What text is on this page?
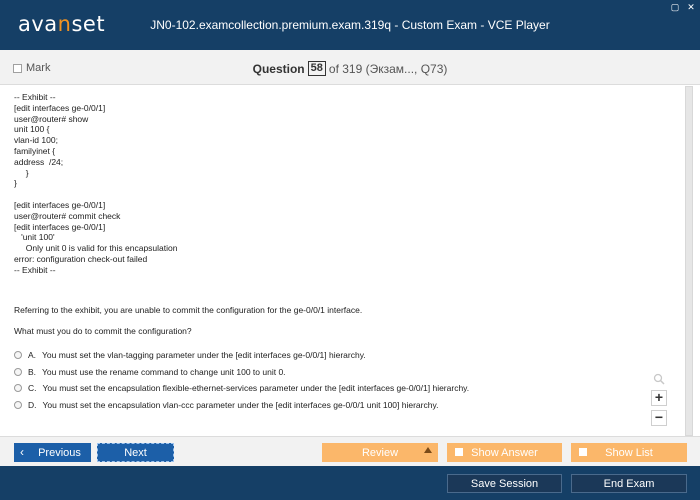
avanset	JN0-102.examcollection.premium.exam.319q - Custom Exam - VCE Player
▢ ✕
Mark	Question 58 of 319 (Экзам..., Q73)
-- Exhibit --
[edit interfaces ge-0/0/1]
user@router# show
unit 100 {
vlan-id 100;
familyinet {
address  /24;
}
}
[edit interfaces ge-0/0/1]
user@router# commit check
[edit interfaces ge-0/0/1]
'unit 100'
Only unit 0 is valid for this encapsulation
error: configuration check-out failed
-- Exhibit --
Referring to the exhibit, you are unable to commit the configuration for the ge-0/0/1 interface.
What must you do to commit the configuration?
A. You must set the vlan-tagging parameter under the [edit interfaces ge-0/0/1] hierarchy.
B. You must use the rename command to change unit 100 to unit 0.
C. You must set the encapsulation flexible-ethernet-services parameter under the [edit interfaces ge-0/0/1] hierarchy.
D. You must set the encapsulation vlan-ccc parameter under the [edit interfaces ge-0/0/1 unit 100] hierarchy.	+
−
‹ Previous	Next	Review	Show Answer	Show List
Save Session	End Exam
